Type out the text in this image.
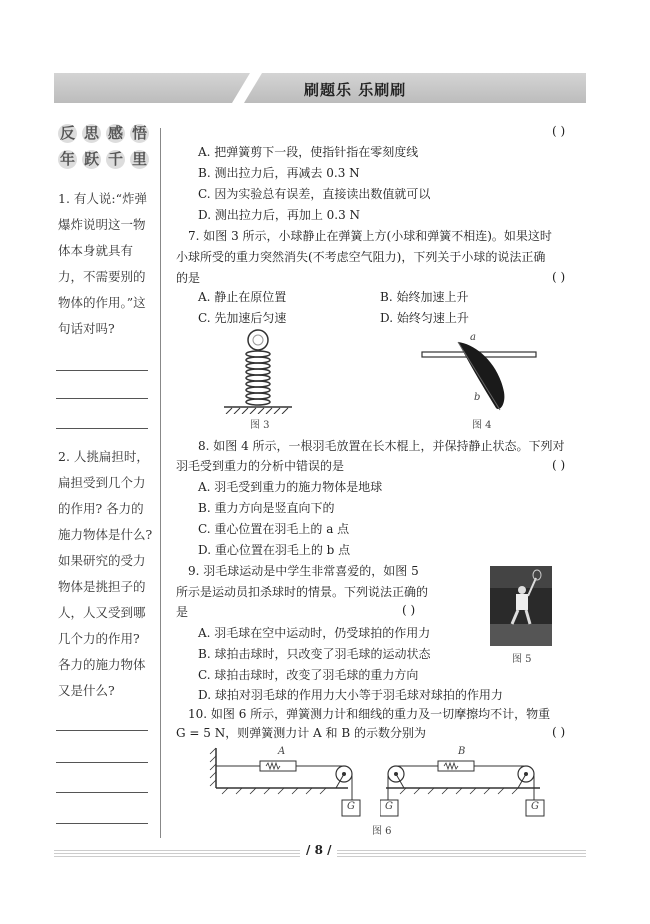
刷题乐 乐刷刷
反 思 感 悟
年 跃 千 里
1. 有人说:“炸弹爆炸说明这一物体本身就具有力，不需要别的物体的作用。”这句话对吗?
2. 人挑扁担时，扁担受到几个力的作用? 各力的施力物体是什么? 如果研究的受力物体是挑担子的人，人又受到哪几个力的作用? 各力的施力物体又是什么?
( )
A. 把弹簧剪下一段，使指针指在零刻度线
B. 测出拉力后，再减去 0.3 N
C. 因为实验总有误差，直接读出数值就可以
D. 测出拉力后，再加上 0.3 N
7. 如图 3 所示，小球静止在弹簧上方(小球和弹簧不相连)。如果这时
小球所受的重力突然消失(不考虑空气阻力)，下列关于小球的说法正确
的是	( )
A. 静止在原位置	B. 始终加速上升
C. 先加速后匀速	D. 始终匀速上升
图 3
a
b
图 4
8. 如图 4 所示，一根羽毛放置在长木棍上，并保持静止状态。下列对
羽毛受到重力的分析中错误的是	( )
A. 羽毛受到重力的施力物体是地球
B. 重力方向是竖直向下的
C. 重心位置在羽毛上的 a 点
D. 重心位置在羽毛上的 b 点
9. 羽毛球运动是中学生非常喜爱的，如图 5
所示是运动员扣杀球时的情景。下列说法正确的
是	( )
图 5
A. 羽毛球在空中运动时，仍受球拍的作用力
B. 球拍击球时，只改变了羽毛球的运动状态
C. 球拍击球时，改变了羽毛球的重力方向
D. 球拍对羽毛球的作用力大小等于羽毛球对球拍的作用力
10. 如图 6 所示，弹簧测力计和细线的重力及一切摩擦均不计，物重
G = 5 N，则弹簧测力计 A 和 B 的示数分别为	( )
A
G
B
G	G
图 6
/ 8 /
